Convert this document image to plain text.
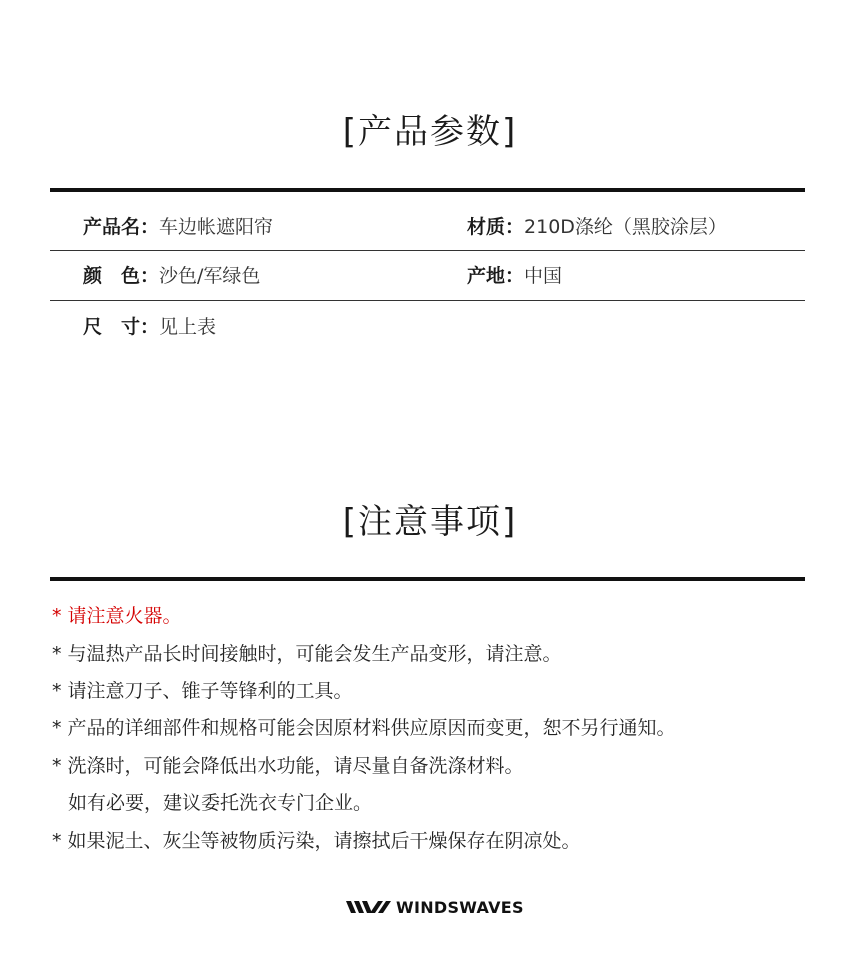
[产品参数]
产品名：车边帐遮阳帘	材质：210D涤纶（黑胶涂层）
颜　色：沙色/军绿色	产地：中国
尺　寸：见上表
[注意事项]
* 请注意火器。
* 与温热产品长时间接触时，可能会发生产品变形，请注意。
* 请注意刀子、锥子等锋利的工具。
* 产品的详细部件和规格可能会因原材料供应原因而变更，恕不另行通知。
* 洗涤时，可能会降低出水功能，请尽量自备洗涤材料。
如有必要，建议委托洗衣专门企业。
* 如果泥土、灰尘等被物质污染，请擦拭后干燥保存在阴凉处。
WINDSWAVES
